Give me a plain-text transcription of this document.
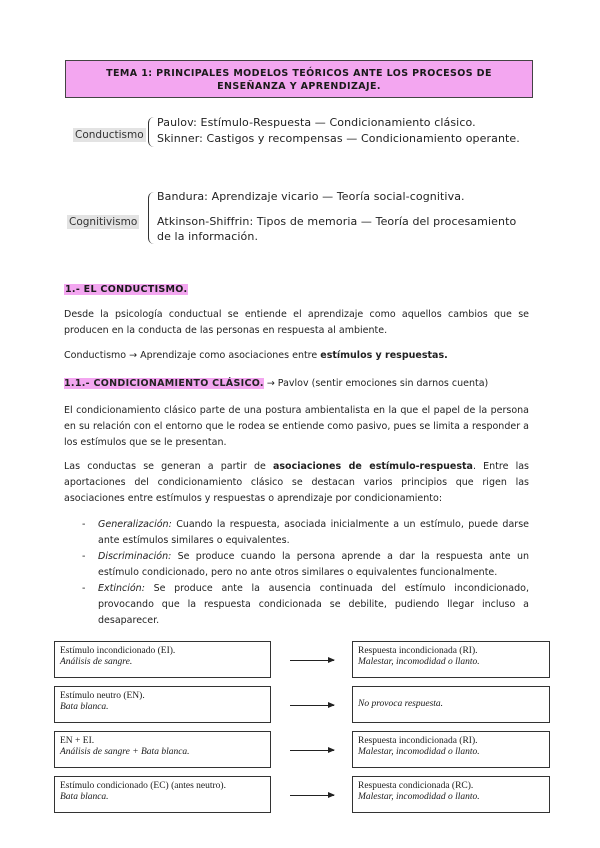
TEMA 1: PRINCIPALES MODELOS TEÓRICOS ANTE LOS PROCESOS DE
ENSEÑANZA Y APRENDIZAJE.
Conductismo
Paulov: Estímulo-Respuesta — Condicionamiento clásico.
Skinner: Castigos y recompensas — Condicionamiento operante.
Cognitivismo
Bandura: Aprendizaje vicario — Teoría social-cognitiva.
Atkinson-Shiffrin: Tipos de memoria — Teoría del procesamiento
de la información.
1.- EL CONDUCTISMO.
Desde la psicología conductual se entiende el aprendizaje como aquellos cambios que se producen en la conducta de las personas en respuesta al ambiente.
Conductismo → Aprendizaje como asociaciones entre estímulos y respuestas.
1.1.- CONDICIONAMIENTO CLÁSICO. → Pavlov (sentir emociones sin darnos cuenta)
El condicionamiento clásico parte de una postura ambientalista en la que el papel de la persona en su relación con el entorno que le rodea se entiende como pasivo, pues se limita a responder a los estímulos que se le presentan.
Las conductas se generan a partir de asociaciones de estímulo-respuesta. Entre las aportaciones del condicionamiento clásico se destacan varios principios que rigen las asociaciones entre estímulos y respuestas o aprendizaje por condicionamiento:
- Generalización: Cuando la respuesta, asociada inicialmente a un estímulo, puede darse ante estímulos similares o equivalentes.
- Discriminación: Se produce cuando la persona aprende a dar la respuesta ante un estímulo condicionado, pero no ante otros similares o equivalentes funcionalmente.
- Extinción: Se produce ante la ausencia continuada del estímulo incondicionado, provocando que la respuesta condicionada se debilite, pudiendo llegar incluso a desaparecer.
Estímulo incondicionado (EI).
Análisis de sangre.
Respuesta incondicionada (RI).
Malestar, incomodidad o llanto.
Estímulo neutro (EN).
Bata blanca.	No provoca respuesta.
EN + EI.
Análisis de sangre + Bata blanca.
Respuesta incondicionada (RI).
Malestar, incomodidad o llanto.
Estímulo condicionado (EC) (antes neutro).
Bata blanca.
Respuesta condicionada (RC).
Malestar, incomodidad o llanto.
